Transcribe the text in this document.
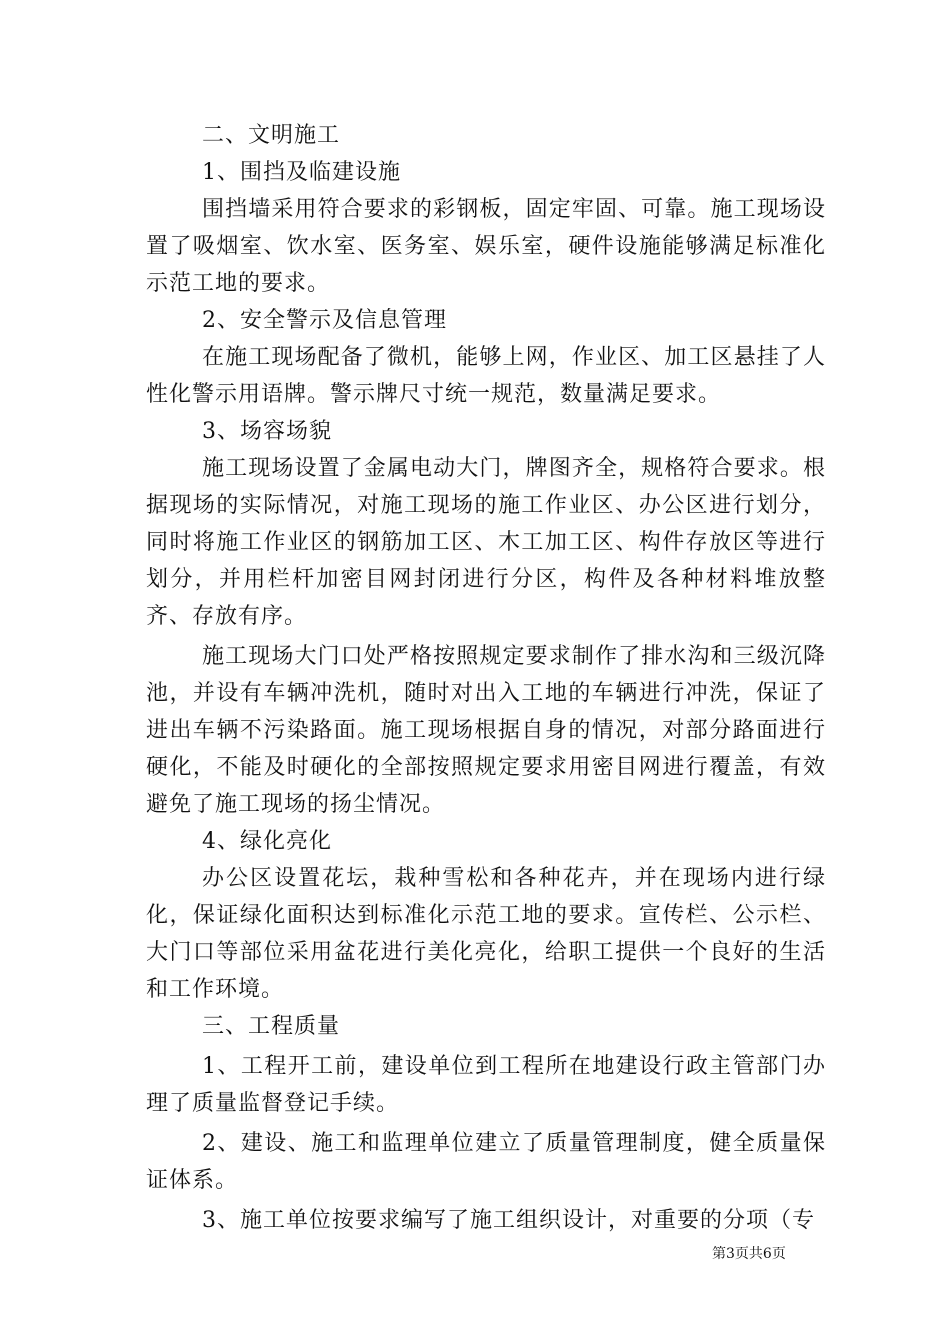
二、文明施工

1、围挡及临建设施

围挡墙采用符合要求的彩钢板，固定牢固、可靠。施工现场设置了吸烟室、饮水室、医务室、娱乐室，硬件设施能够满足标准化示范工地的要求。

2、安全警示及信息管理

在施工现场配备了微机，能够上网，作业区、加工区悬挂了人性化警示用语牌。警示牌尺寸统一规范，数量满足要求。

3、场容场貌

施工现场设置了金属电动大门，牌图齐全，规格符合要求。根据现场的实际情况，对施工现场的施工作业区、办公区进行划分，同时将施工作业区的钢筋加工区、木工加工区、构件存放区等进行划分，并用栏杆加密目网封闭进行分区，构件及各种材料堆放整齐、存放有序。

施工现场大门口处严格按照规定要求制作了排水沟和三级沉降池，并设有车辆冲洗机，随时对出入工地的车辆进行冲洗，保证了进出车辆不污染路面。施工现场根据自身的情况，对部分路面进行硬化，不能及时硬化的全部按照规定要求用密目网进行覆盖，有效避免了施工现场的扬尘情况。

4、绿化亮化

办公区设置花坛，栽种雪松和各种花卉，并在现场内进行绿化，保证绿化面积达到标准化示范工地的要求。宣传栏、公示栏、大门口等部位采用盆花进行美化亮化，给职工提供一个良好的生活和工作环境。

三、工程质量

1、工程开工前，建设单位到工程所在地建设行政主管部门办理了质量监督登记手续。

2、建设、施工和监理单位建立了质量管理制度，健全质量保证体系。

3、施工单位按要求编写了施工组织设计，对重要的分项（专

第3页共6页
